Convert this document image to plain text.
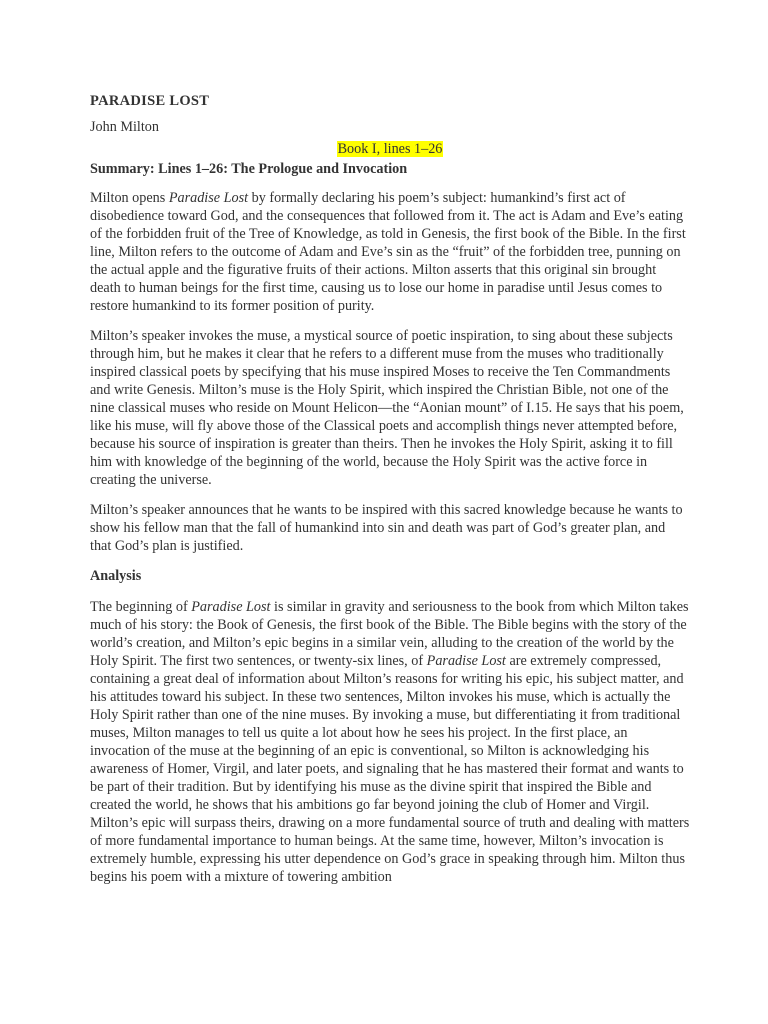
PARADISE LOST
John Milton
Book I, lines 1–26
Summary: Lines 1–26: The Prologue and Invocation

Milton opens Paradise Lost by formally declaring his poem’s subject: humankind’s first act of disobedience toward God, and the consequences that followed from it. The act is Adam and Eve’s eating of the forbidden fruit of the Tree of Knowledge, as told in Genesis, the first book of the Bible. In the first line, Milton refers to the outcome of Adam and Eve’s sin as the “fruit” of the forbidden tree, punning on the actual apple and the figurative fruits of their actions. Milton asserts that this original sin brought death to human beings for the first time, causing us to lose our home in paradise until Jesus comes to restore humankind to its former position of purity.

Milton’s speaker invokes the muse, a mystical source of poetic inspiration, to sing about these subjects through him, but he makes it clear that he refers to a different muse from the muses who traditionally inspired classical poets by specifying that his muse inspired Moses to receive the Ten Commandments and write Genesis. Milton’s muse is the Holy Spirit, which inspired the Christian Bible, not one of the nine classical muses who reside on Mount Helicon—the “Aonian mount” of I.15. He says that his poem, like his muse, will fly above those of the Classical poets and accomplish things never attempted before, because his source of inspiration is greater than theirs. Then he invokes the Holy Spirit, asking it to fill him with knowledge of the beginning of the world, because the Holy Spirit was the active force in creating the universe.

Milton’s speaker announces that he wants to be inspired with this sacred knowledge because he wants to show his fellow man that the fall of humankind into sin and death was part of God’s greater plan, and that God’s plan is justified.

Analysis

The beginning of Paradise Lost is similar in gravity and seriousness to the book from which Milton takes much of his story: the Book of Genesis, the first book of the Bible. The Bible begins with the story of the world’s creation, and Milton’s epic begins in a similar vein, alluding to the creation of the world by the Holy Spirit. The first two sentences, or twenty-six lines, of Paradise Lost are extremely compressed, containing a great deal of information about Milton’s reasons for writing his epic, his subject matter, and his attitudes toward his subject. In these two sentences, Milton invokes his muse, which is actually the Holy Spirit rather than one of the nine muses. By invoking a muse, but differentiating it from traditional muses, Milton manages to tell us quite a lot about how he sees his project. In the first place, an invocation of the muse at the beginning of an epic is conventional, so Milton is acknowledging his awareness of Homer, Virgil, and later poets, and signaling that he has mastered their format and wants to be part of their tradition. But by identifying his muse as the divine spirit that inspired the Bible and created the world, he shows that his ambitions go far beyond joining the club of Homer and Virgil. Milton’s epic will surpass theirs, drawing on a more fundamental source of truth and dealing with matters of more fundamental importance to human beings. At the same time, however, Milton’s invocation is extremely humble, expressing his utter dependence on God’s grace in speaking through him. Milton thus begins his poem with a mixture of towering ambition
